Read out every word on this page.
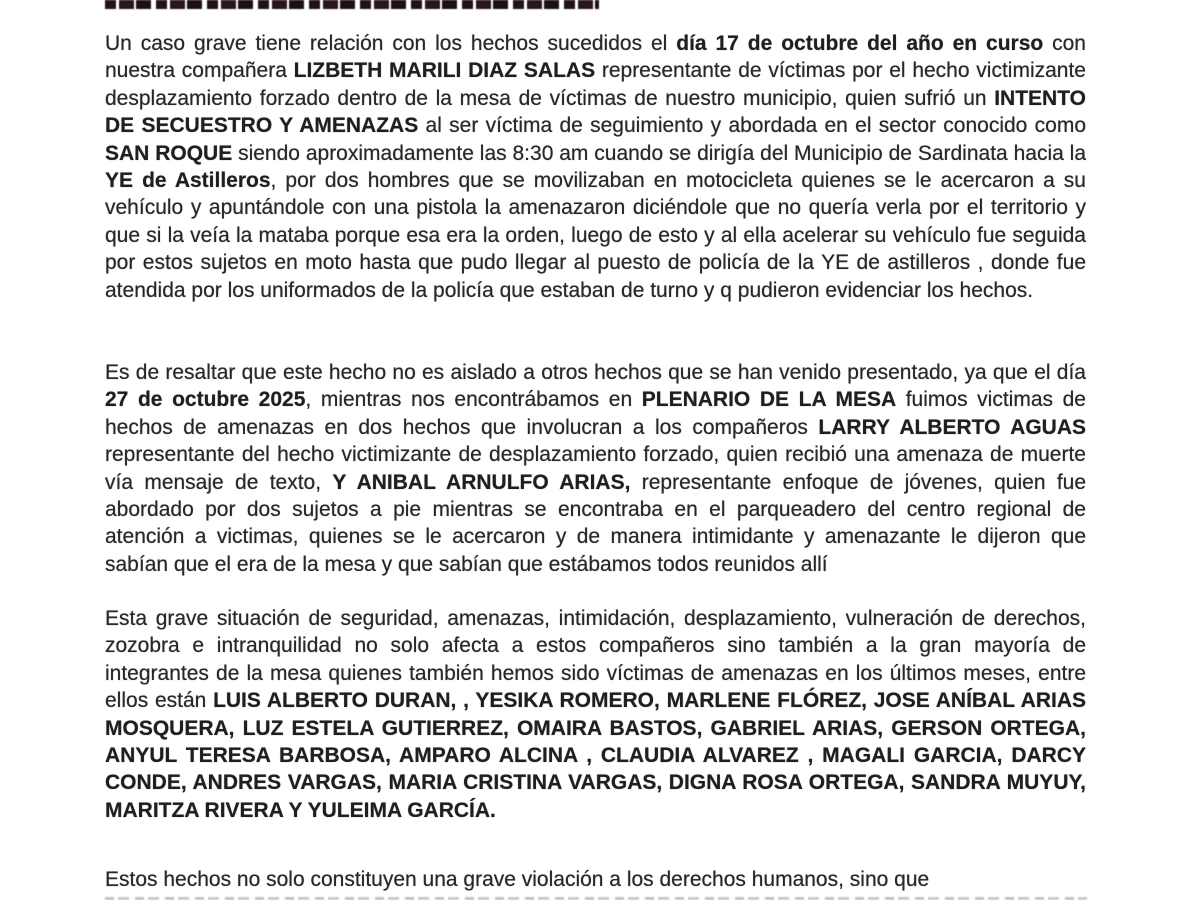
Un caso grave tiene relación con los hechos sucedidos el día 17 de octubre del año en curso con nuestra compañera LIZBETH MARILI DIAZ SALAS representante de víctimas por el hecho victimizante desplazamiento forzado dentro de la mesa de víctimas de nuestro municipio, quien sufrió un INTENTO DE SECUESTRO Y AMENAZAS al ser víctima de seguimiento y abordada en el sector conocido como SAN ROQUE siendo aproximadamente las 8:30 am cuando se dirigía del Municipio de Sardinata hacia la YE de Astilleros, por dos hombres que se movilizaban en motocicleta quienes se le acercaron a su vehículo y apuntándole con una pistola la amenazaron diciéndole que no quería verla por el territorio y que si la veía la mataba porque esa era la orden, luego de esto y al ella acelerar su vehículo fue seguida por estos sujetos en moto hasta que pudo llegar al puesto de policía de la YE de astilleros , donde fue atendida por los uniformados de la policía que estaban de turno y q pudieron evidenciar los hechos.

Es de resaltar que este hecho no es aislado a otros hechos que se han venido presentado, ya que el día 27 de octubre 2025, mientras nos encontrábamos en PLENARIO DE LA MESA fuimos victimas de hechos de amenazas en dos hechos que involucran a los compañeros LARRY ALBERTO AGUAS representante del hecho victimizante de desplazamiento forzado, quien recibió una amenaza de muerte vía mensaje de texto, Y ANIBAL ARNULFO ARIAS, representante enfoque de jóvenes, quien fue abordado por dos sujetos a pie mientras se encontraba en el parqueadero del centro regional de atención a victimas, quienes se le acercaron y de manera intimidante y amenazante le dijeron que sabían que el era de la mesa y que sabían que estábamos todos reunidos allí

Esta grave situación de seguridad, amenazas, intimidación, desplazamiento, vulneración de derechos, zozobra e intranquilidad no solo afecta a estos compañeros sino también a la gran mayoría de integrantes de la mesa quienes también hemos sido víctimas de amenazas en los últimos meses, entre ellos están LUIS ALBERTO DURAN, , YESIKA ROMERO, MARLENE FLÓREZ, JOSE ANÍBAL ARIAS MOSQUERA, LUZ ESTELA GUTIERREZ, OMAIRA BASTOS, GABRIEL ARIAS, GERSON ORTEGA, ANYUL TERESA BARBOSA, AMPARO ALCINA , CLAUDIA ALVAREZ , MAGALI GARCIA, DARCY CONDE, ANDRES VARGAS, MARIA CRISTINA VARGAS, DIGNA ROSA ORTEGA, SANDRA MUYUY, MARITZA RIVERA Y YULEIMA GARCÍA.

Estos hechos no solo constituyen una grave violación a los derechos humanos, sino que
